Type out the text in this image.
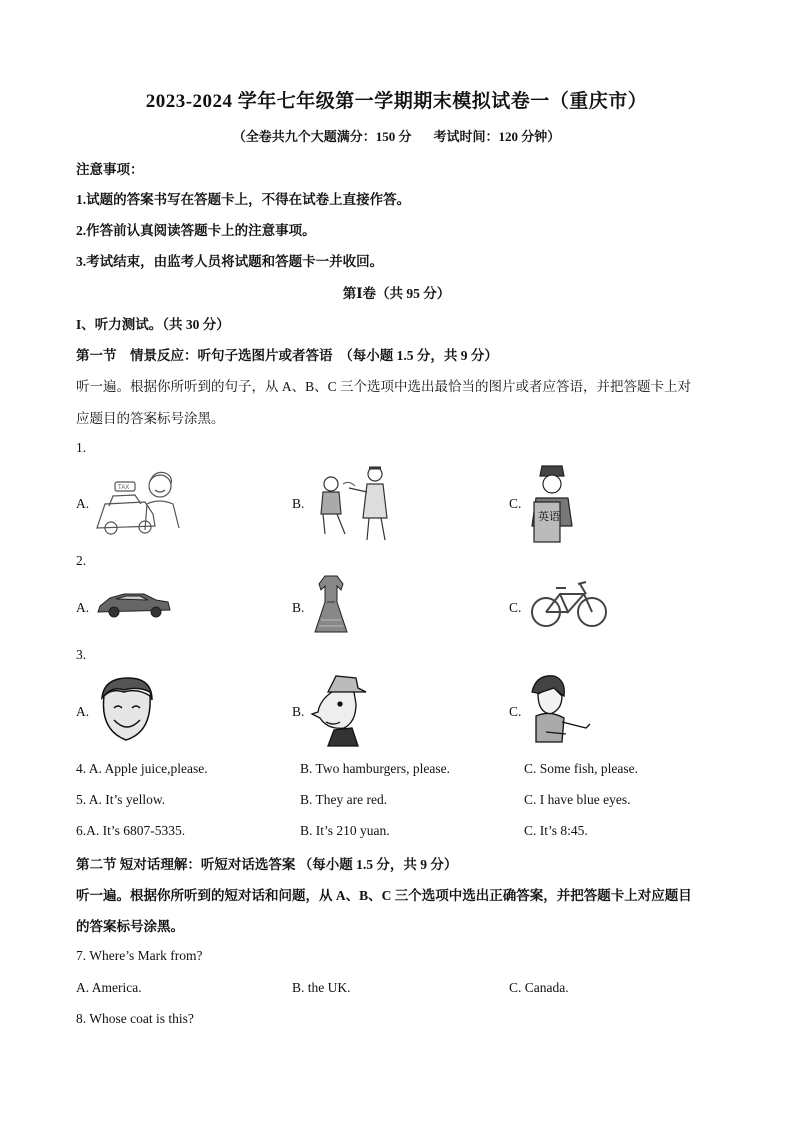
2023-2024 学年七年级第一学期期末模拟试卷一（重庆市）
（全卷共九个大题满分：150 分 考试时间：120 分钟）
注意事项：
1.试题的答案书写在答题卡上，不得在试卷上直接作答。
2.作答前认真阅读答题卡上的注意事项。
3.考试结束，由监考人员将试题和答题卡一并收回。
第Ⅰ卷（共 95 分）
I、听力测试。（共 30 分）
第一节　情景反应：听句子选图片或者答语　（每小题 1.5 分，共 9 分）
听一遍。根据你所听到的句子，从 A、B、C 三个选项中选出最恰当的图片或者应答语，并把答题卡上对
应题目的答案标号涂黑。
1.
A.
TAX
B.	C.
英语
2.
A.	B.	C.
3.
A.	B.	C.
4. A. Apple juice,please.	B. Two hamburgers, please.	C. Some fish, please.
5. A. It’s yellow.	B. They are red.	C. I have blue eyes.
6.A. It’s 6807-5335.	B. It’s 210 yuan.	C. It’s 8:45.
第二节 短对话理解：听短对话选答案 （每小题 1.5 分，共 9 分）
听一遍。根据你所听到的短对话和问题，从 A、B、C 三个选项中选出正确答案，并把答题卡上对应题目
的答案标号涂黑。
7. Where’s Mark from?
A. America.	B. the UK.	C. Canada.
8. Whose coat is this?
